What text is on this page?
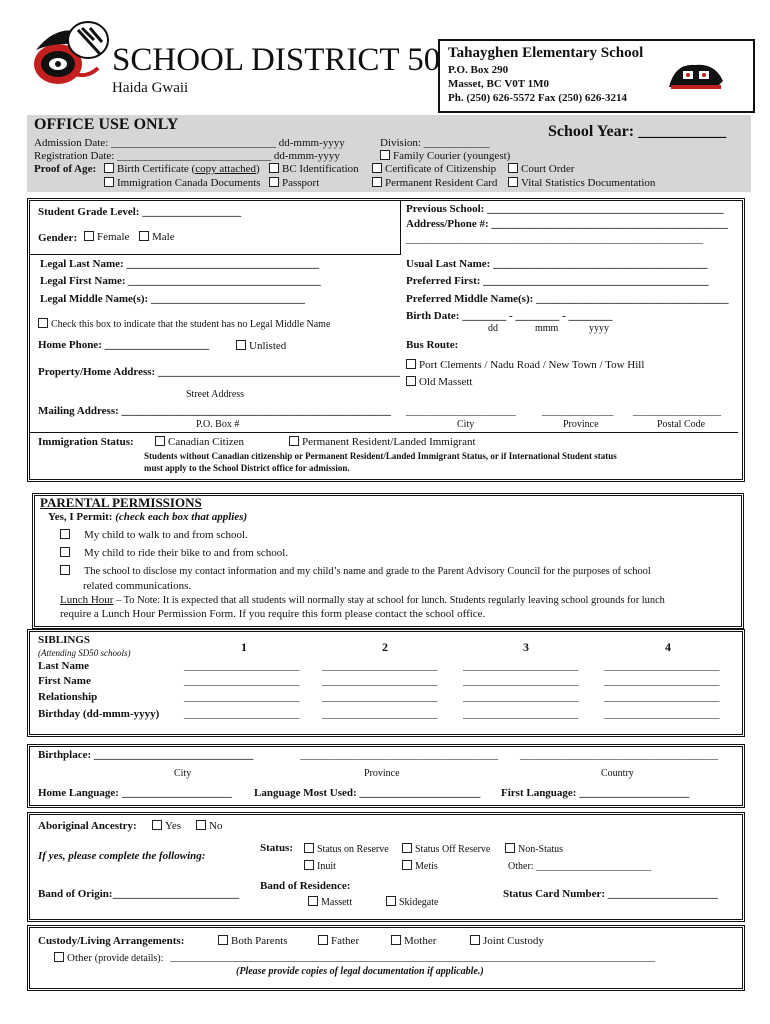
SCHOOL DISTRICT 50
Haida Gwaii
Tahayghen Elementary School
P.O. Box 290
Masset, BC V0T 1M0
Ph. (250) 626-5572 Fax (250) 626-3214
OFFICE USE ONLY	School Year: ___________
Admission Date: ______________________________ dd-mmm-yyyy	Division: ____________
Registration Date: ____________________________ dd-mmm-yyyy	Family Courier (youngest)
Proof of Age:	Birth Certificate (copy attached)	BC Identification	Certificate of Citizenship	Court Order
Immigration Canada Documents	Passport	Permanent Resident Card	Vital Statistics Documentation
Student Grade Level: __________________	Previous School: ___________________________________________
Address/Phone #: ___________________________________________
______________________________________________________
Gender:	Female	Male
Legal Last Name: ___________________________________	Usual Last Name: _______________________________________
Legal First Name: ___________________________________	Preferred First: _________________________________________
Legal Middle Name(s): ____________________________	Preferred Middle Name(s): ___________________________________
Check this box to indicate that the student has no Legal Middle Name
Birth Date: ________ - ________ - ________
dd	mmm	yyyy
Home Phone: ___________________	Unlisted	Bus Route:
Port Clements / Nadu Road / New Town / Tow Hill
Old Massett
Property/Home Address: ____________________________________________
Street Address
Mailing Address: _________________________________________________
P.O. Box #
____________________ _____________ ________________
City	Province	Postal Code
Immigration Status:	Canadian Citizen	Permanent Resident/Landed Immigrant
Students without Canadian citizenship or Permanent Resident/Landed Immigrant Status, or if International Student status
must apply to the School District office for admission.
PARENTAL PERMISSIONS
Yes, I Permit: (check each box that applies)
My child to walk to and from school.
My child to ride their bike to and from school.
The school to disclose my contact information and my child’s name and grade to the Parent Advisory Council for the purposes of school
related communications.
Lunch Hour – To Note: It is expected that all students will normally stay at school for lunch. Students regularly leaving school grounds for lunch
require a Lunch Hour Permission Form. If you require this form please contact the school office.
SIBLINGS
(Attending SD50 schools)	1	2	3	4
Last Name
First Name
Relationship
Birthday (dd-mmm-yyyy)
_____________________ _____________________ _____________________ _____________________
_____________________ _____________________ _____________________ _____________________
_____________________ _____________________ _____________________ _____________________
_____________________ _____________________ _____________________ _____________________
Birthplace: _____________________________	____________________________________ ____________________________________
City	Province	Country
Home Language: ____________________ Language Most Used: ______________________ First Language: ____________________
Aboriginal Ancestry:	Yes	No
If yes, please complete the following:
Status:	Status on Reserve	Status Off Reserve	Non-Status
Inuit	Metis	Other: _______________________
Band of Origin:_______________________
Band of Residence:
Massett	Skidegate
Status Card Number: ____________________
Custody/Living Arrangements:	Both Parents	Father	Mother	Joint Custody
Other (provide details): _________________________________________________________________________________________________
(Please provide copies of legal documentation if applicable.)
